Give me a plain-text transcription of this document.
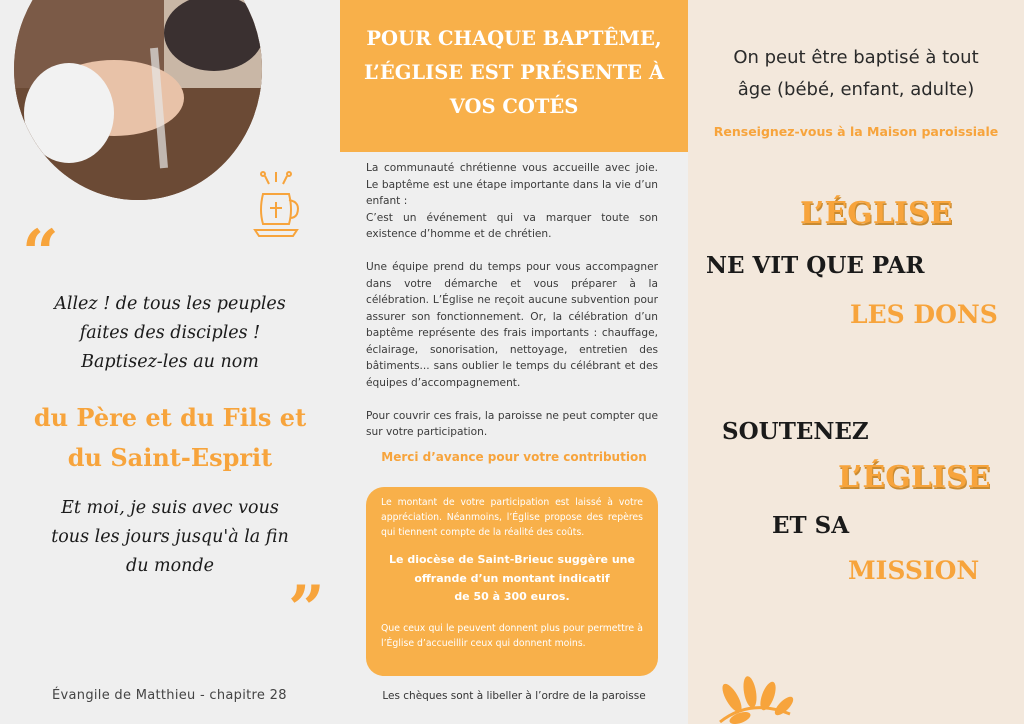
“
Allez ! de tous les peuples
faites des disciples !
Baptisez-les au nom
du Père et du Fils et
du Saint-Esprit
Et moi, je suis avec vous
tous les jours jusqu'à la fin
du monde
”
Évangile de Matthieu - chapitre 28
POUR CHAQUE BAPTÊME,
L’ÉGLISE EST PRÉSENTE À
VOS COTÉS

La communauté chrétienne vous accueille avec joie. Le baptême est une étape importante dans la vie d’un enfant :
C’est un événement qui va marquer toute son existence d’homme et de chrétien.

Une équipe prend du temps pour vous accompagner dans votre démarche et vous préparer à la célébration. L’Église ne reçoit aucune subvention pour assurer son fonctionnement. Or, la célébration d’un baptême représente des frais importants : chauffage, éclairage, sonorisation, nettoyage, entretien des bâtiments... sans oublier le temps du célébrant et des équipes d’accompagnement.

Pour couvrir ces frais, la paroisse ne peut compter que sur votre participation.

Merci d’avance pour votre contribution
Le montant de votre participation est laissé à votre appréciation. Néanmoins, l’Église propose des repères qui tiennent compte de la réalité des coûts.
Le diocèse de Saint-Brieuc suggère une
offrande d’un montant indicatif
de 50 à 300 euros.
Que ceux qui le peuvent donnent plus pour permettre à l’Église d’accueillir ceux qui donnent moins.
Les chèques sont à libeller à l’ordre de la paroisse
On peut être baptisé à tout
âge (bébé, enfant, adulte)
Renseignez-vous à la Maison paroissiale
L’ÉGLISE
NE VIT QUE PAR
LES DONS
SOUTENEZ
L’ÉGLISE
ET SA
MISSION
